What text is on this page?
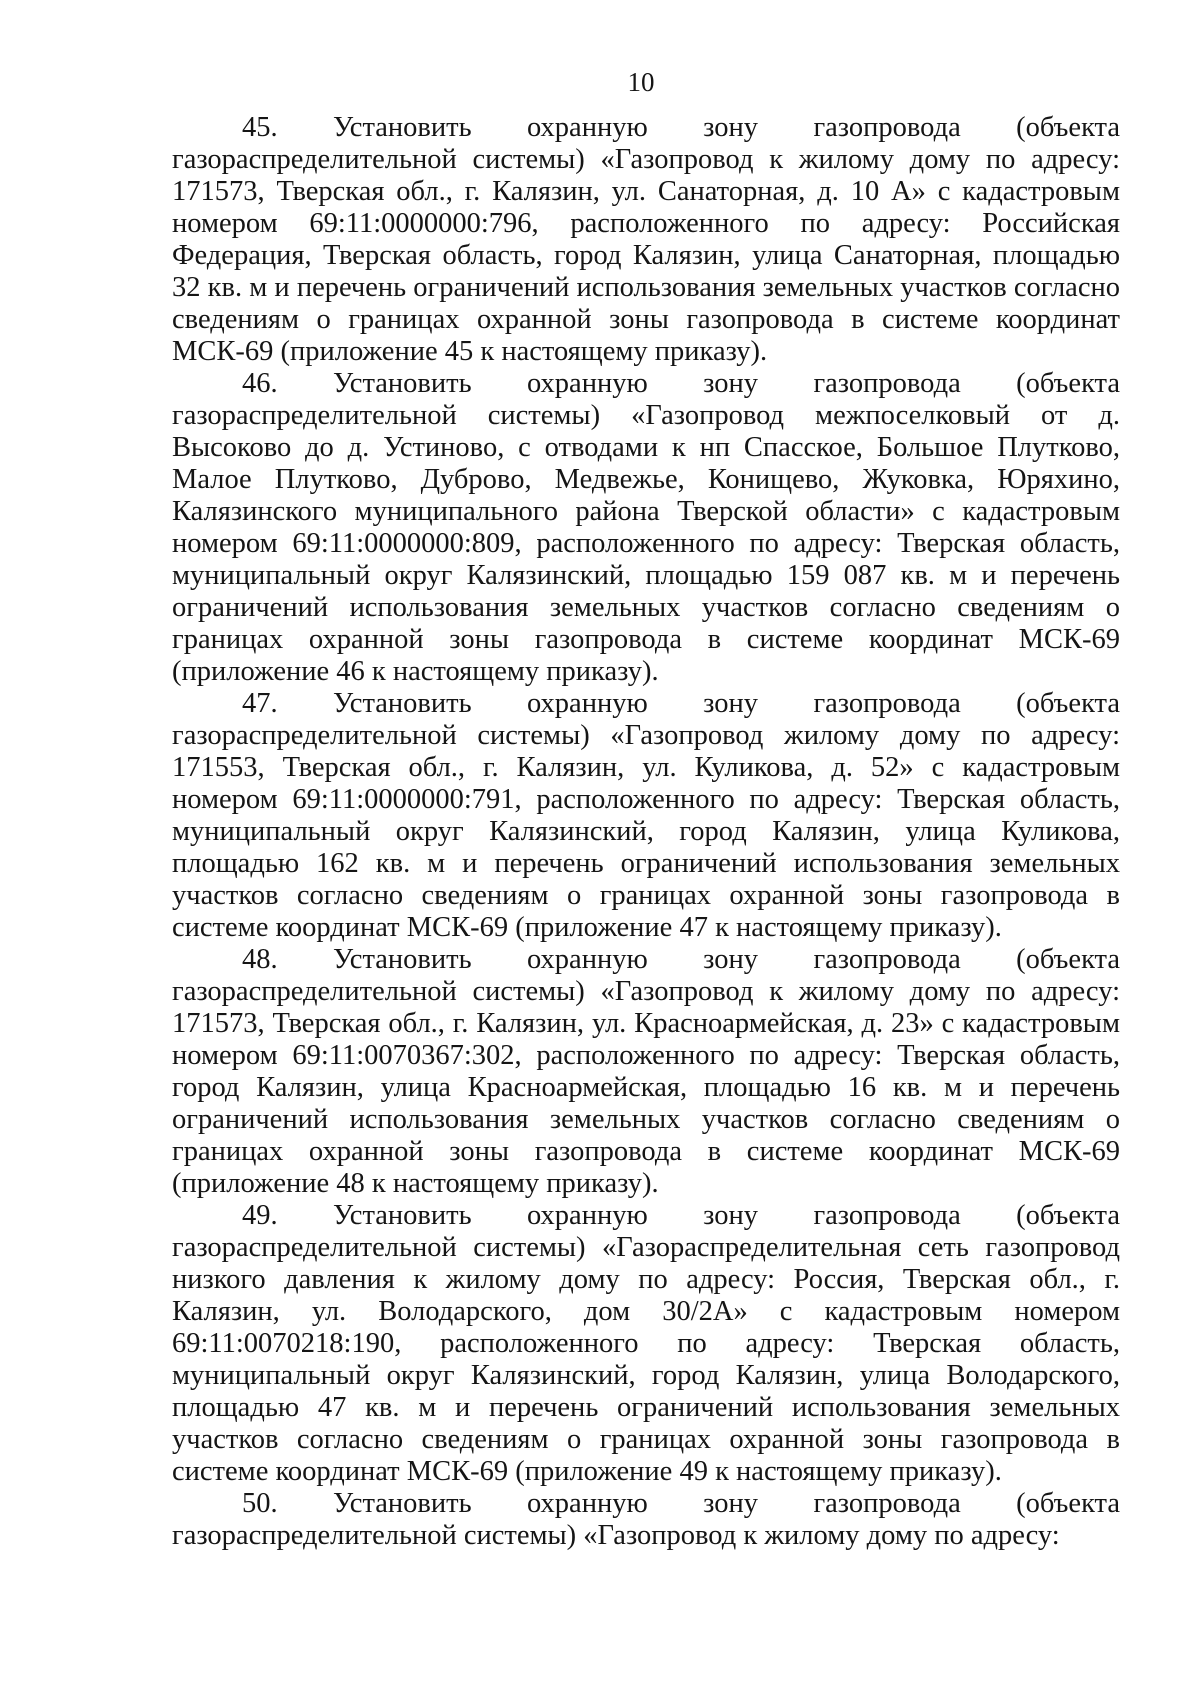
10

45. Установить охранную зону газопровода (объекта газораспределительной системы) «Газопровод к жилому дому по адресу: 171573, Тверская обл., г. Калязин, ул. Санаторная, д. 10 А» с кадастровым номером 69:11:0000000:796, расположенного по адресу: Российская Федерация, Тверская область, город Калязин, улица Санаторная, площадью 32 кв. м и перечень ограничений использования земельных участков согласно сведениям о границах охранной зоны газопровода в системе координат МСК-69 (приложение 45 к настоящему приказу).

46. Установить охранную зону газопровода (объекта газораспределительной системы) «Газопровод межпоселковый от д. Высоково до д. Устиново, с отводами к нп Спасское, Большое Плутково, Малое Плутково, Дуброво, Медвежье, Конищево, Жуковка, Юряхино, Калязинского муниципального района Тверской области» с кадастровым номером 69:11:0000000:809, расположенного по адресу: Тверская область, муниципальный округ Калязинский, площадью 159 087 кв. м и перечень ограничений использования земельных участков согласно сведениям о границах охранной зоны газопровода в системе координат МСК-69 (приложение 46 к настоящему приказу).

47. Установить охранную зону газопровода (объекта газораспределительной системы) «Газопровод жилому дому по адресу: 171553, Тверская обл., г. Калязин, ул. Куликова, д. 52» с кадастровым номером 69:11:0000000:791, расположенного по адресу: Тверская область, муниципальный округ Калязинский, город Калязин, улица Куликова, площадью 162 кв. м и перечень ограничений использования земельных участков согласно сведениям о границах охранной зоны газопровода в системе координат МСК-69 (приложение 47 к настоящему приказу).

48. Установить охранную зону газопровода (объекта газораспределительной системы) «Газопровод к жилому дому по адресу: 171573, Тверская обл., г. Калязин, ул. Красноармейская, д. 23» с кадастровым номером 69:11:0070367:302, расположенного по адресу: Тверская область, город Калязин, улица Красноармейская, площадью 16 кв. м и перечень ограничений использования земельных участков согласно сведениям о границах охранной зоны газопровода в системе координат МСК-69 (приложение 48 к настоящему приказу).

49. Установить охранную зону газопровода (объекта газораспределительной системы) «Газораспределительная сеть газопровод низкого давления к жилому дому по адресу: Россия, Тверская обл., г. Калязин, ул. Володарского, дом 30/2А» с кадастровым номером 69:11:0070218:190, расположенного по адресу: Тверская область, муниципальный округ Калязинский, город Калязин, улица Володарского, площадью 47 кв. м и перечень ограничений использования земельных участков согласно сведениям о границах охранной зоны газопровода в системе координат МСК-69 (приложение 49 к настоящему приказу).

50. Установить охранную зону газопровода (объекта газораспределительной системы) «Газопровод к жилому дому по адресу:
